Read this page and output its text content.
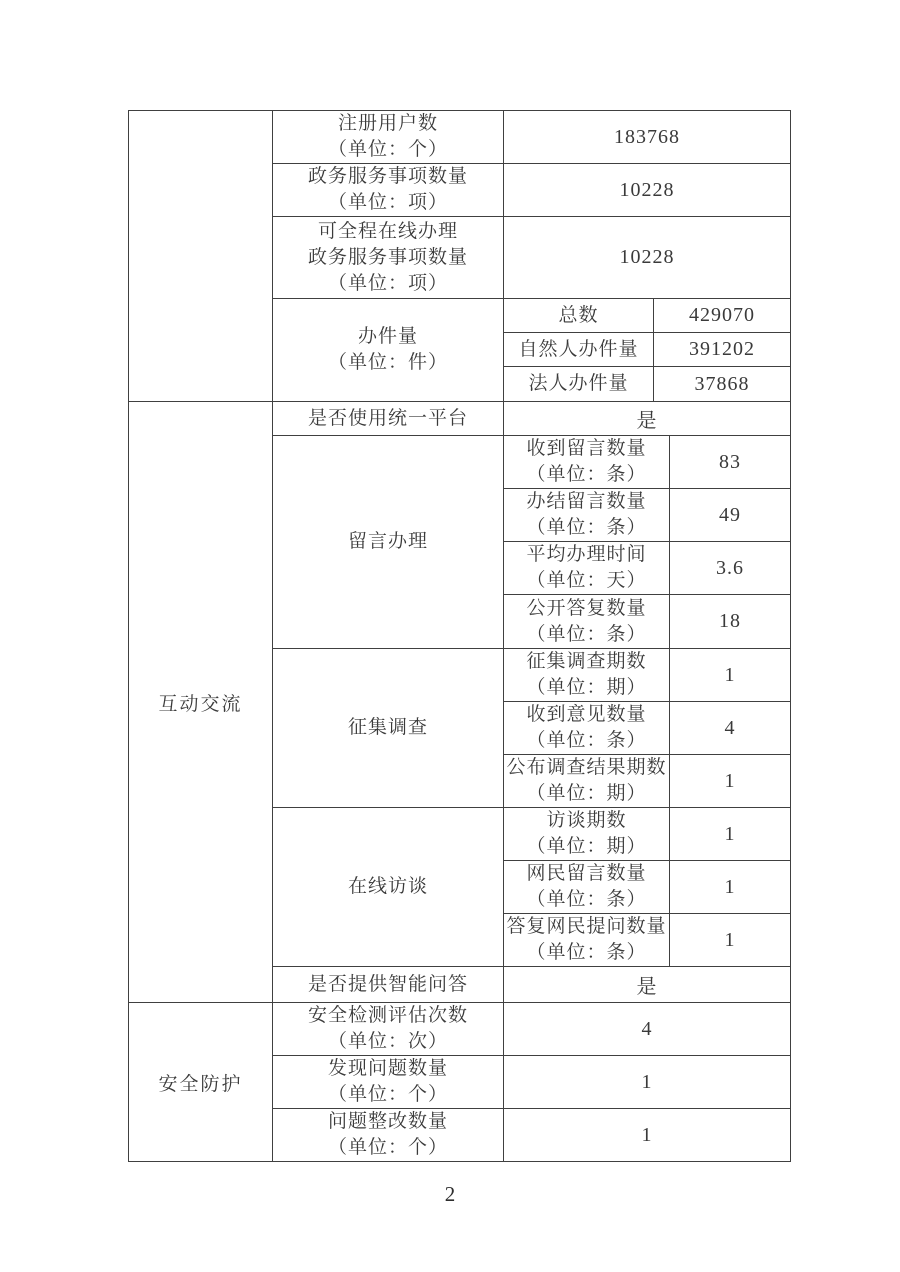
	注册用户数
（单位：个）	183768		

	政务服务事项数量
（单位：项）	10228		

	可全程在线办理
政务服务事项数量
（单位：项）	10228		

	办件量
（单位：件）	总数	429070	
		自然人办件量	391202	
		法人办件量	37868	
互动交流	是否使用统一平台	是		
	留言办理	收到留言数量
（单位：条）		83

		办结留言数量
（单位：条）		49

		平均办理时间
（单位：天）		3.6

		公开答复数量
（单位：条）		18
	征集调查	征集调查期数
（单位：期）		1

		收到意见数量
（单位：条）		4

		公布调查结果期数
（单位：期）		1
	在线访谈	访谈期数
（单位：期）		1

		网民留言数量
（单位：条）		1

		答复网民提问数量
（单位：条）		1
	是否提供智能问答	是		
安全防护	安全检测评估次数
（单位：次）	4		

	发现问题数量
（单位：个）	1		

	问题整改数量
（单位：个）	1		
2
